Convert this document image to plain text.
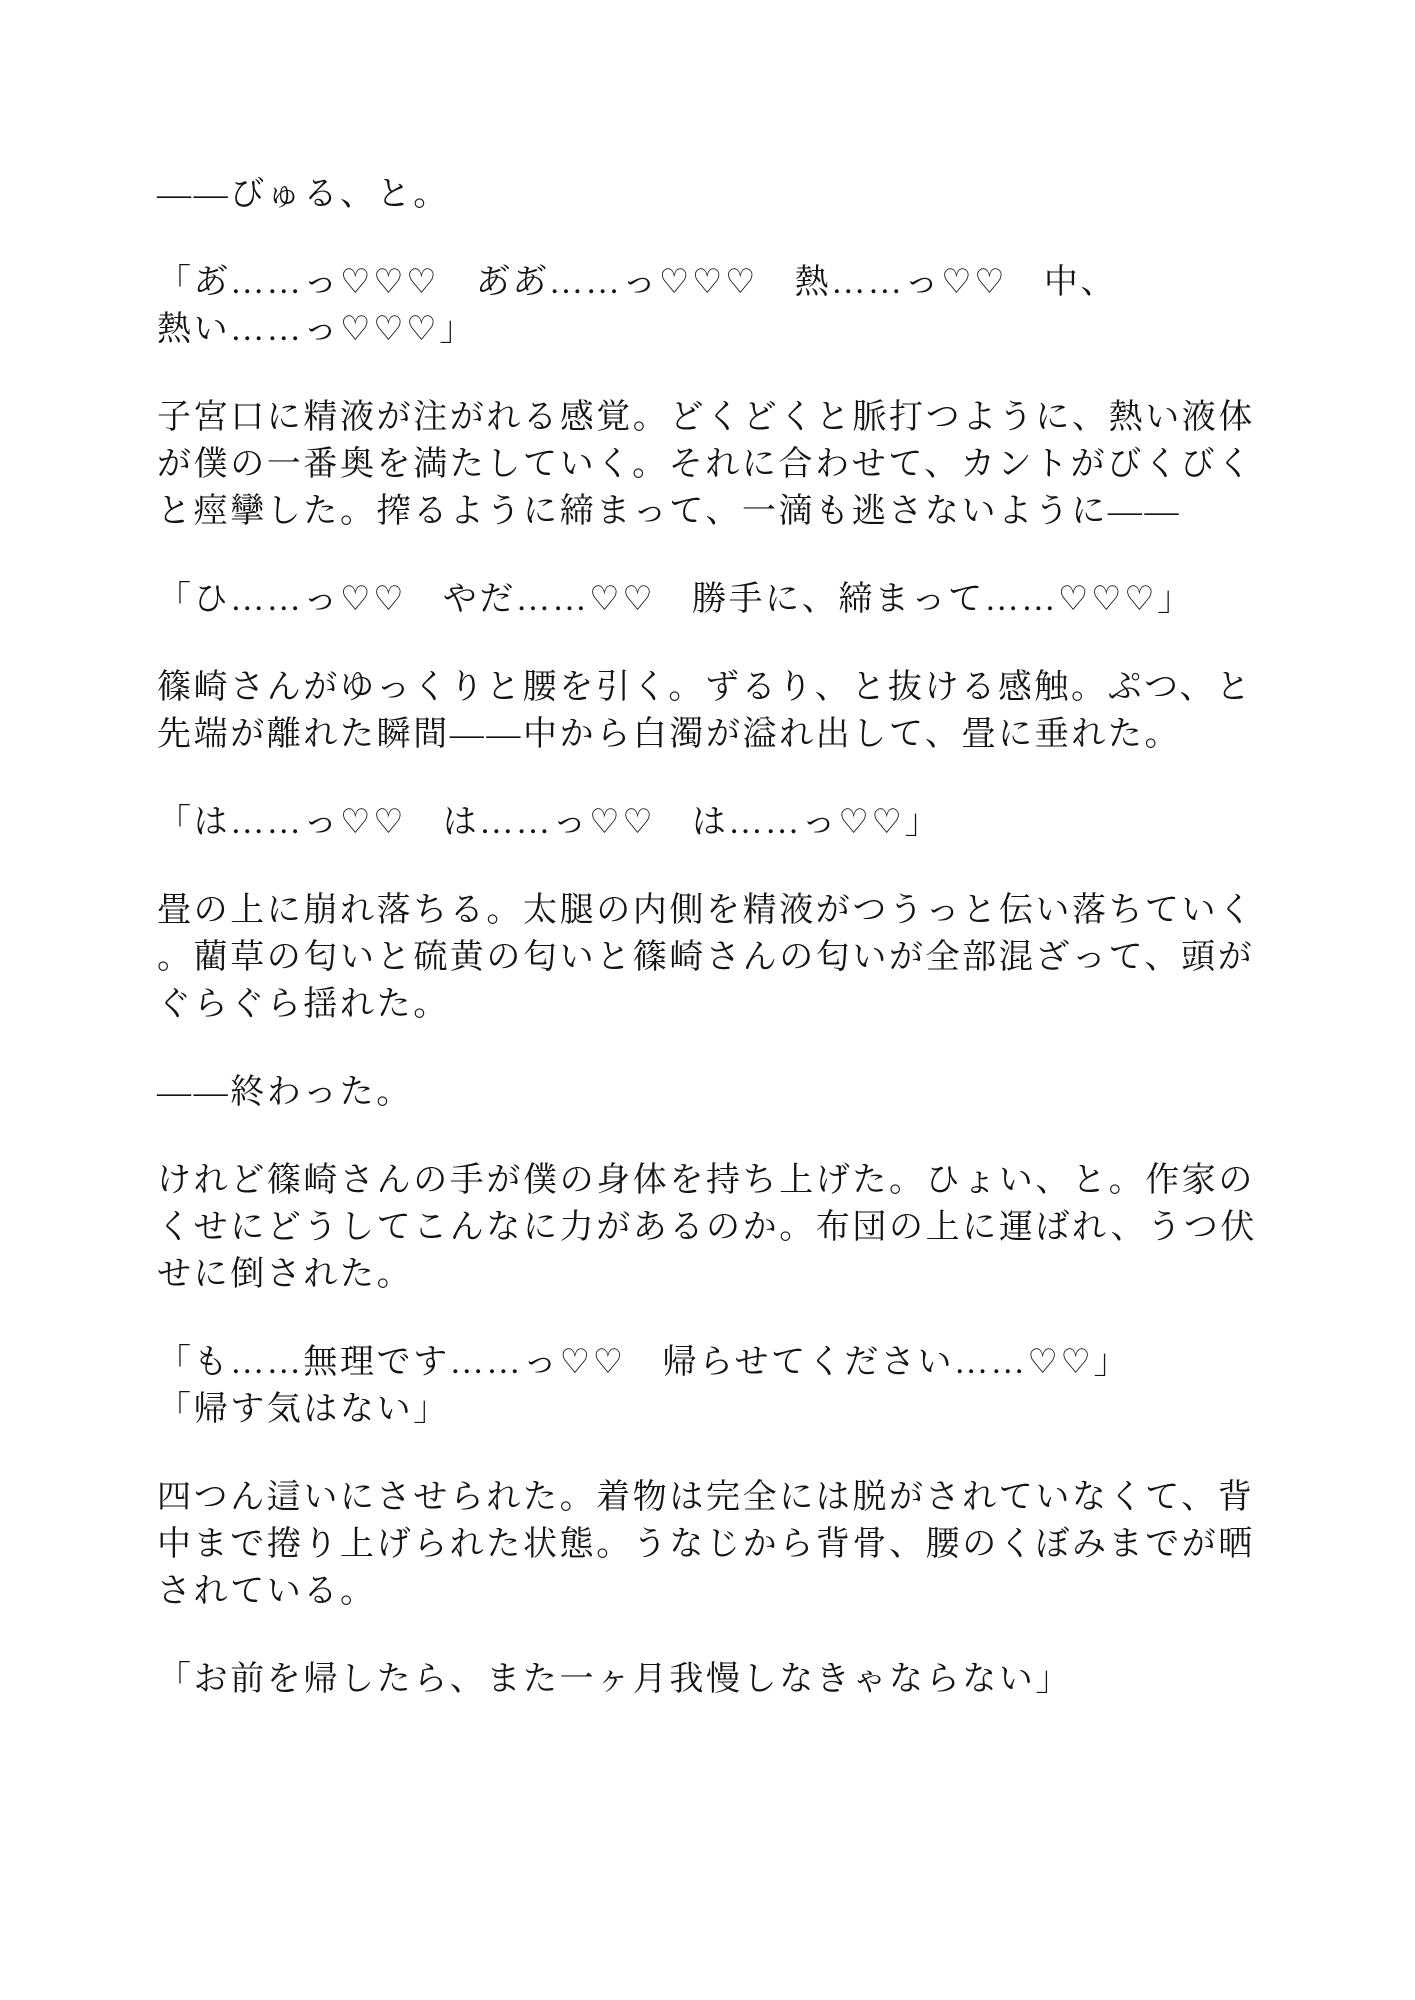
——びゅる、と。

「あ゙……っ♡♡♡　あ゙あ゙……っ♡♡♡　熱……っ♡♡　中、
熱い……っ♡♡♡」

子宮口に精液が注がれる感覚。どくどくと脈打つように、熱い液体
が僕の一番奥を満たしていく。それに合わせて、カントがびくびく
と痙攣した。搾るように締まって、一滴も逃さないように——

「ひ……っ♡♡　やだ……♡♡　勝手に、締まって……♡♡♡」

篠崎さんがゆっくりと腰を引く。ずるり、と抜ける感触。ぷつ、と
先端が離れた瞬間——中から白濁が溢れ出して、畳に垂れた。

「は……っ♡♡　は……っ♡♡　は……っ♡♡」

畳の上に崩れ落ちる。太腿の内側を精液がつうっと伝い落ちていく
。藺草の匂いと硫黄の匂いと篠崎さんの匂いが全部混ざって、頭が
ぐらぐら揺れた。

——終わった。

けれど篠崎さんの手が僕の身体を持ち上げた。ひょい、と。作家の
くせにどうしてこんなに力があるのか。布団の上に運ばれ、うつ伏
せに倒された。

「も……無理です……っ♡♡　帰らせてください……♡♡」
「帰す気はない」

四つん這いにさせられた。着物は完全には脱がされていなくて、背
中まで捲り上げられた状態。うなじから背骨、腰のくぼみまでが晒
されている。

「お前を帰したら、また一ヶ月我慢しなきゃならない」
